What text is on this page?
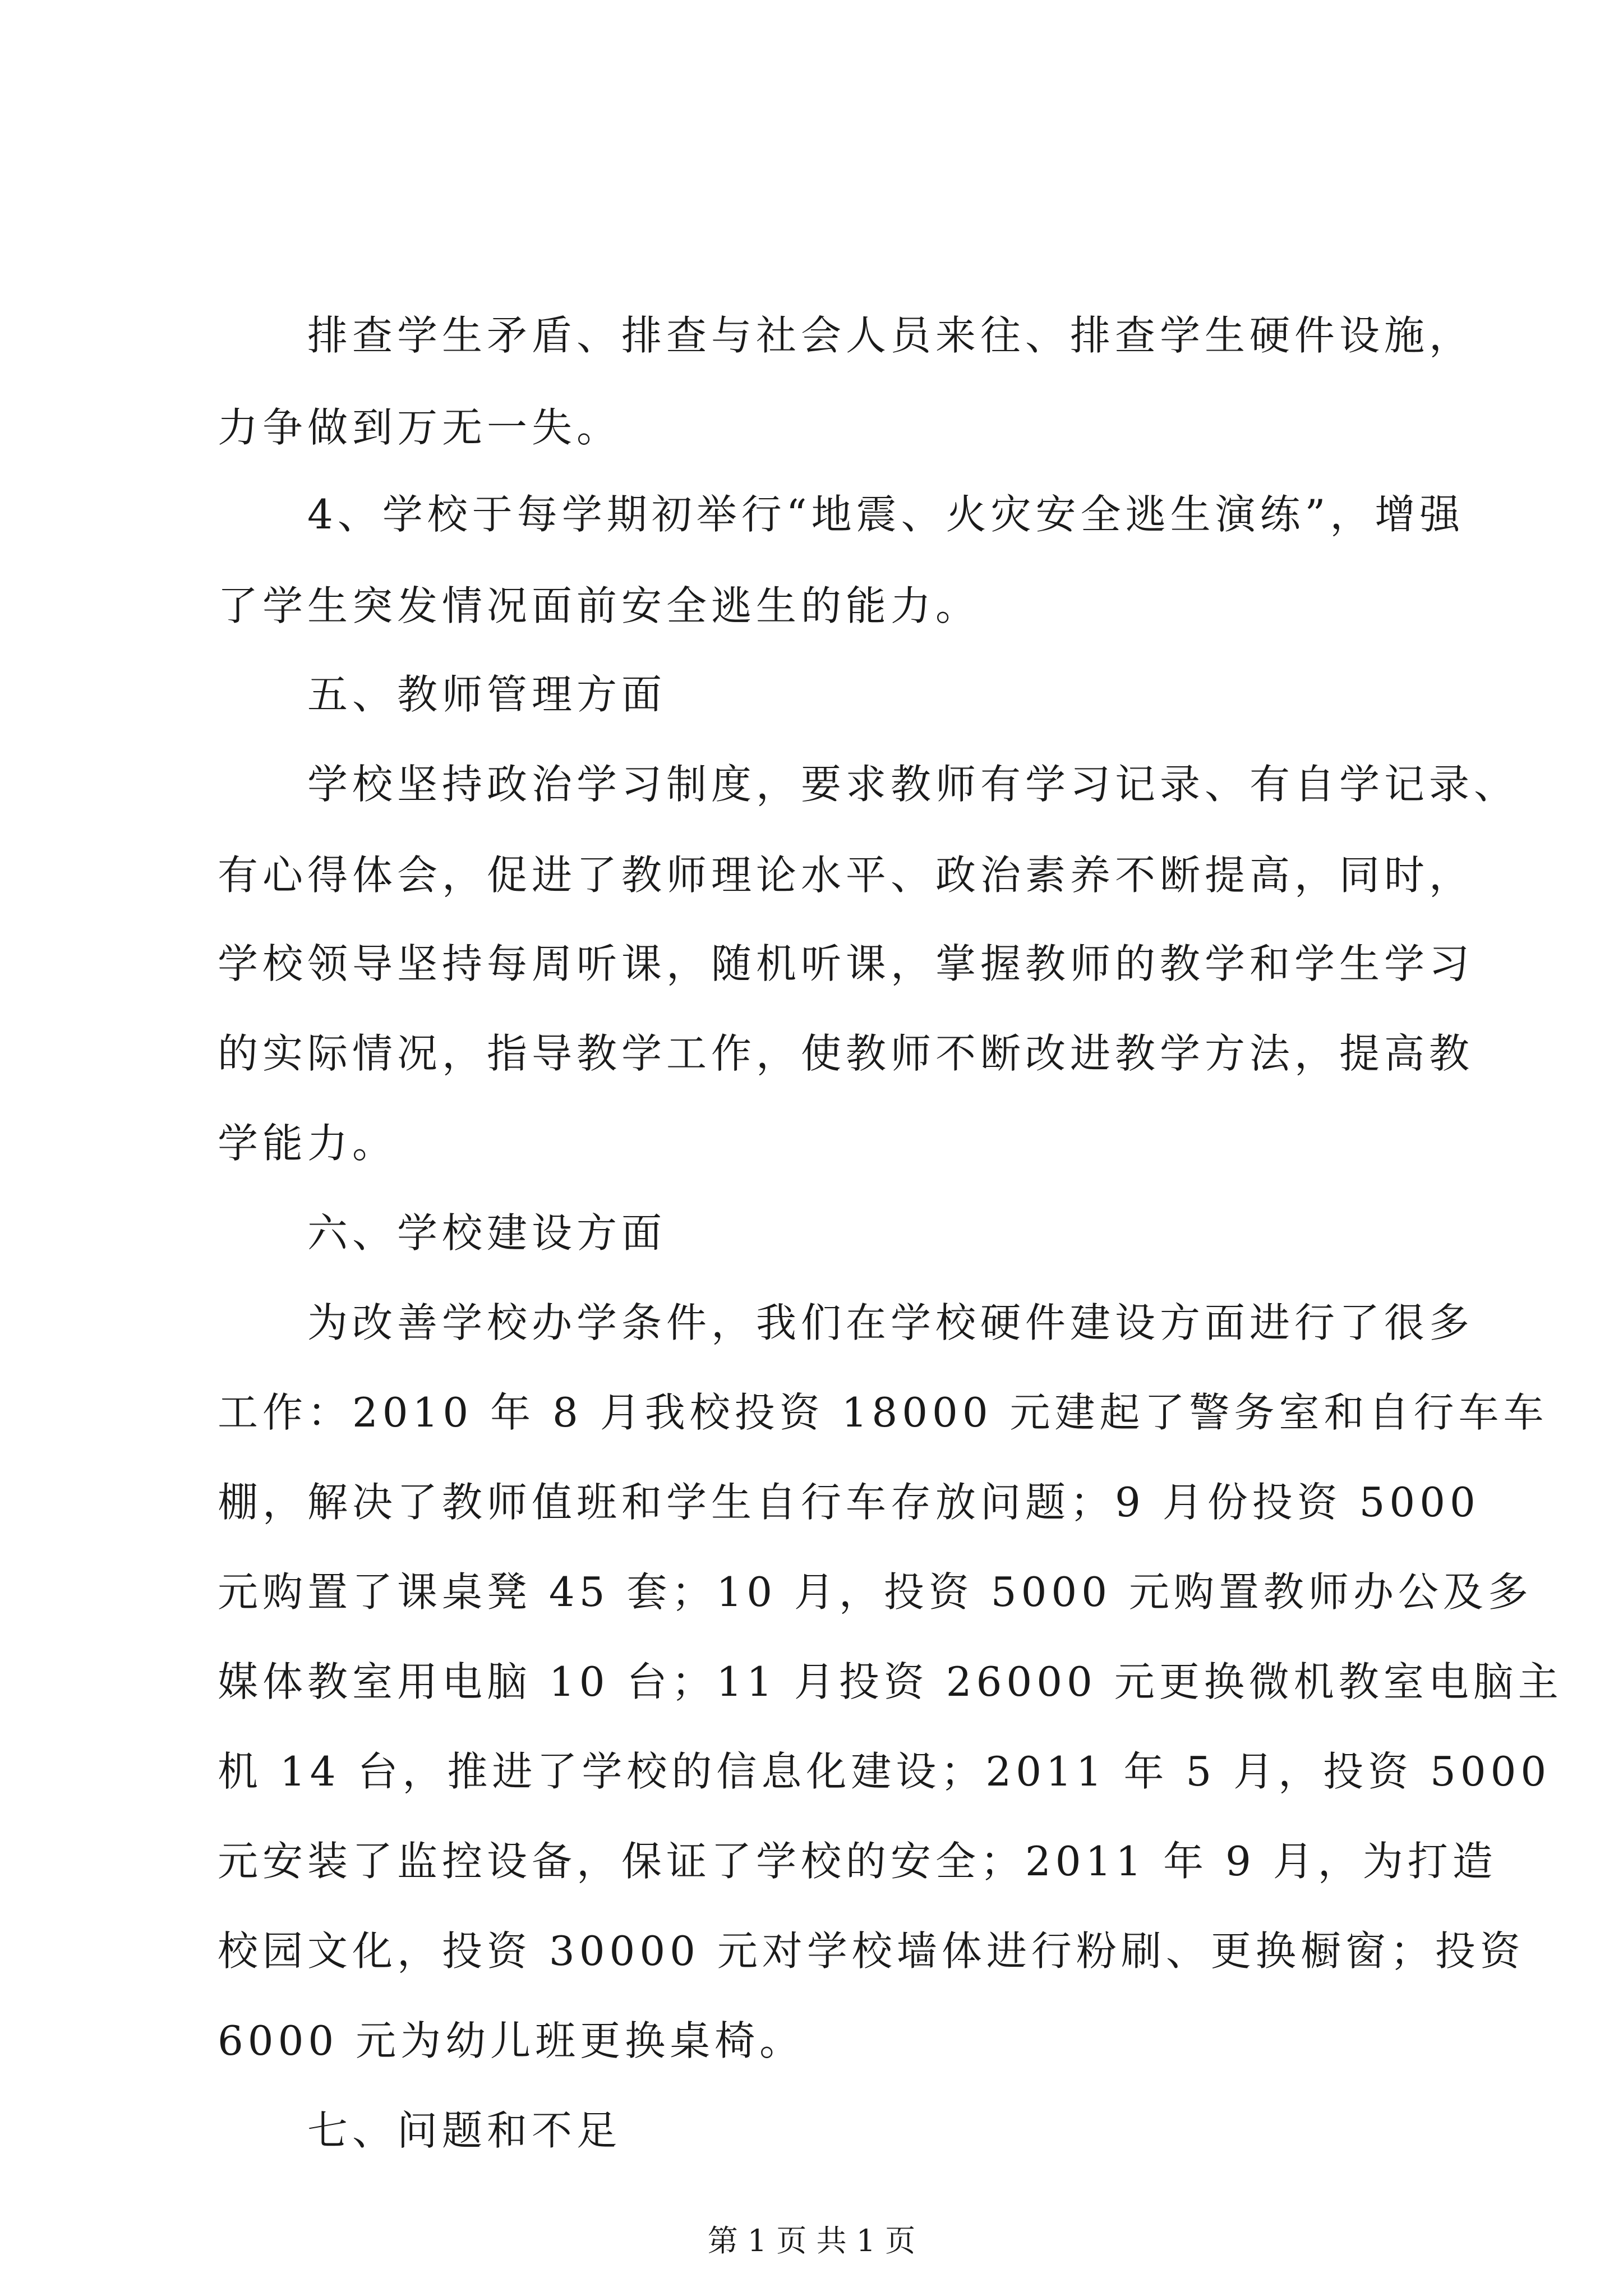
排查学生矛盾、排查与社会人员来往、排查学生硬件设施，
力争做到万无一失。
4、学校于每学期初举行“地震、火灾安全逃生演练”，增强
了学生突发情况面前安全逃生的能力。
五、教师管理方面
学校坚持政治学习制度，要求教师有学习记录、有自学记录、
有心得体会，促进了教师理论水平、政治素养不断提高，同时，
学校领导坚持每周听课，随机听课，掌握教师的教学和学生学习
的实际情况，指导教学工作，使教师不断改进教学方法，提高教
学能力。
六、学校建设方面
为改善学校办学条件，我们在学校硬件建设方面进行了很多
工作：2010 年 8 月我校投资 18000 元建起了警务室和自行车车
棚，解决了教师值班和学生自行车存放问题；9 月份投资 5000
元购置了课桌凳 45 套；10 月，投资 5000 元购置教师办公及多
媒体教室用电脑 10 台；11 月投资 26000 元更换微机教室电脑主
机 14 台，推进了学校的信息化建设；2011 年 5 月，投资 5000
元安装了监控设备，保证了学校的安全；2011 年 9 月，为打造
校园文化，投资 30000 元对学校墙体进行粉刷、更换橱窗；投资
6000 元为幼儿班更换桌椅。
七、问题和不足
第 1 页 共 1 页
